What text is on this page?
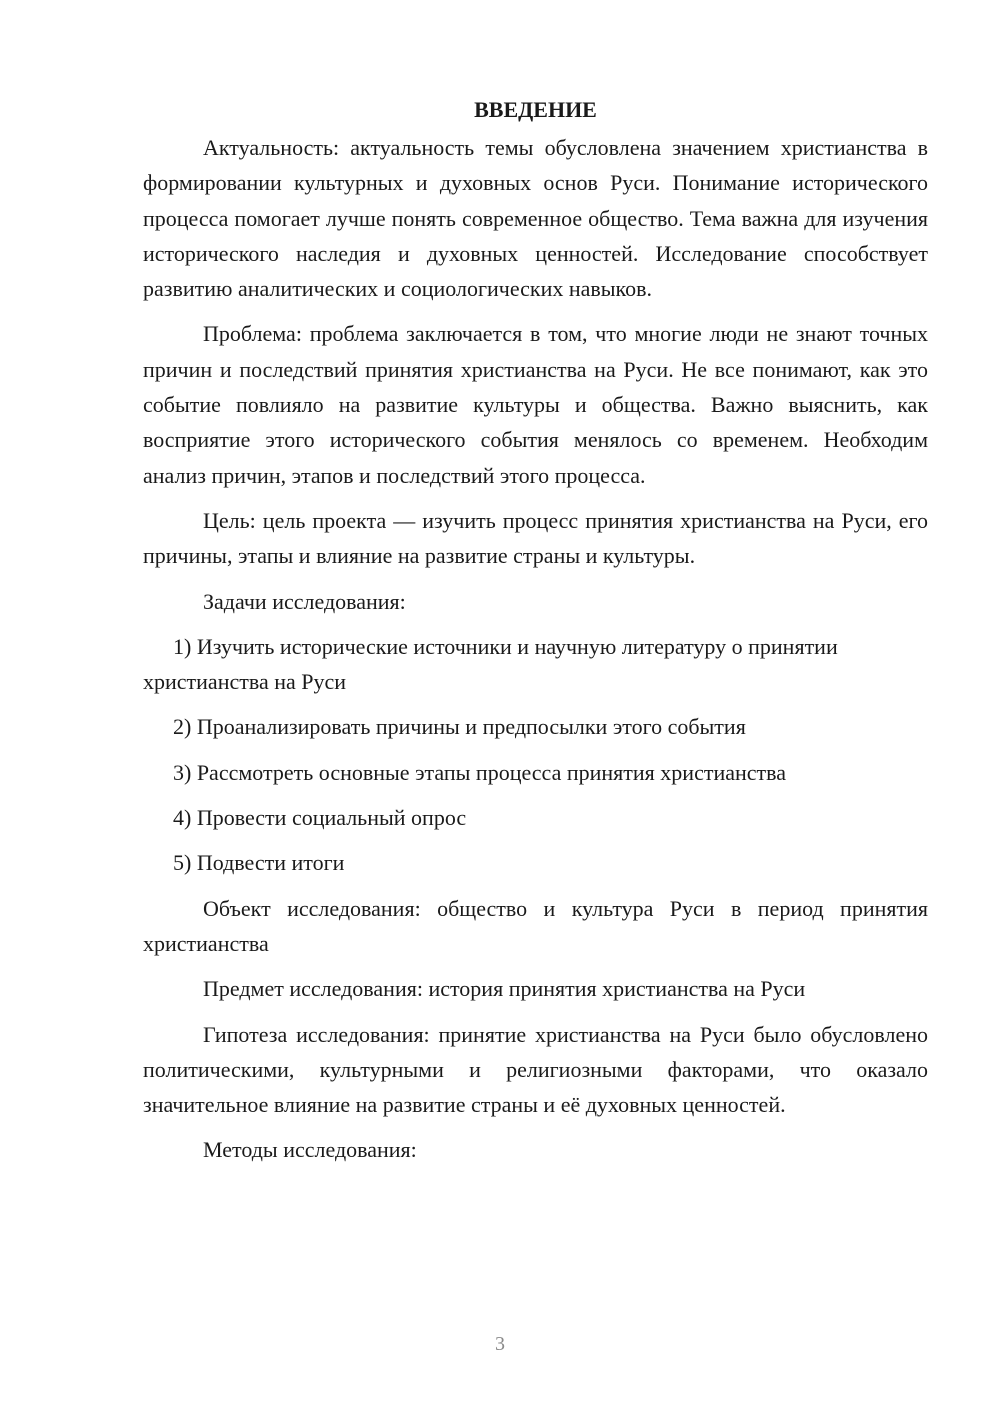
ВВЕДЕНИЕ

Актуальность: актуальность темы обусловлена значением христианства в формировании культурных и духовных основ Руси. Понимание исторического процесса помогает лучше понять современное общество. Тема важна для изучения исторического наследия и духовных ценностей. Исследование способствует развитию аналитических и социологических навыков.

Проблема: проблема заключается в том, что многие люди не знают точных причин и последствий принятия христианства на Руси. Не все понимают, как это событие повлияло на развитие культуры и общества. Важно выяснить, как восприятие этого исторического события менялось со временем. Необходим анализ причин, этапов и последствий этого процесса.

Цель: цель проекта — изучить процесс принятия христианства на Руси, его причины, этапы и влияние на развитие страны и культуры.

Задачи исследования:

1) Изучить исторические источники и научную литературу о принятии христианства на Руси

2) Проанализировать причины и предпосылки этого события

3) Рассмотреть основные этапы процесса принятия христианства

4) Провести социальный опрос

5) Подвести итоги

Объект исследования: общество и культура Руси в период принятия христианства

Предмет исследования: история принятия христианства на Руси

Гипотеза исследования: принятие христианства на Руси было обусловлено политическими, культурными и религиозными факторами, что оказало значительное влияние на развитие страны и её духовных ценностей.

Методы исследования:

3
